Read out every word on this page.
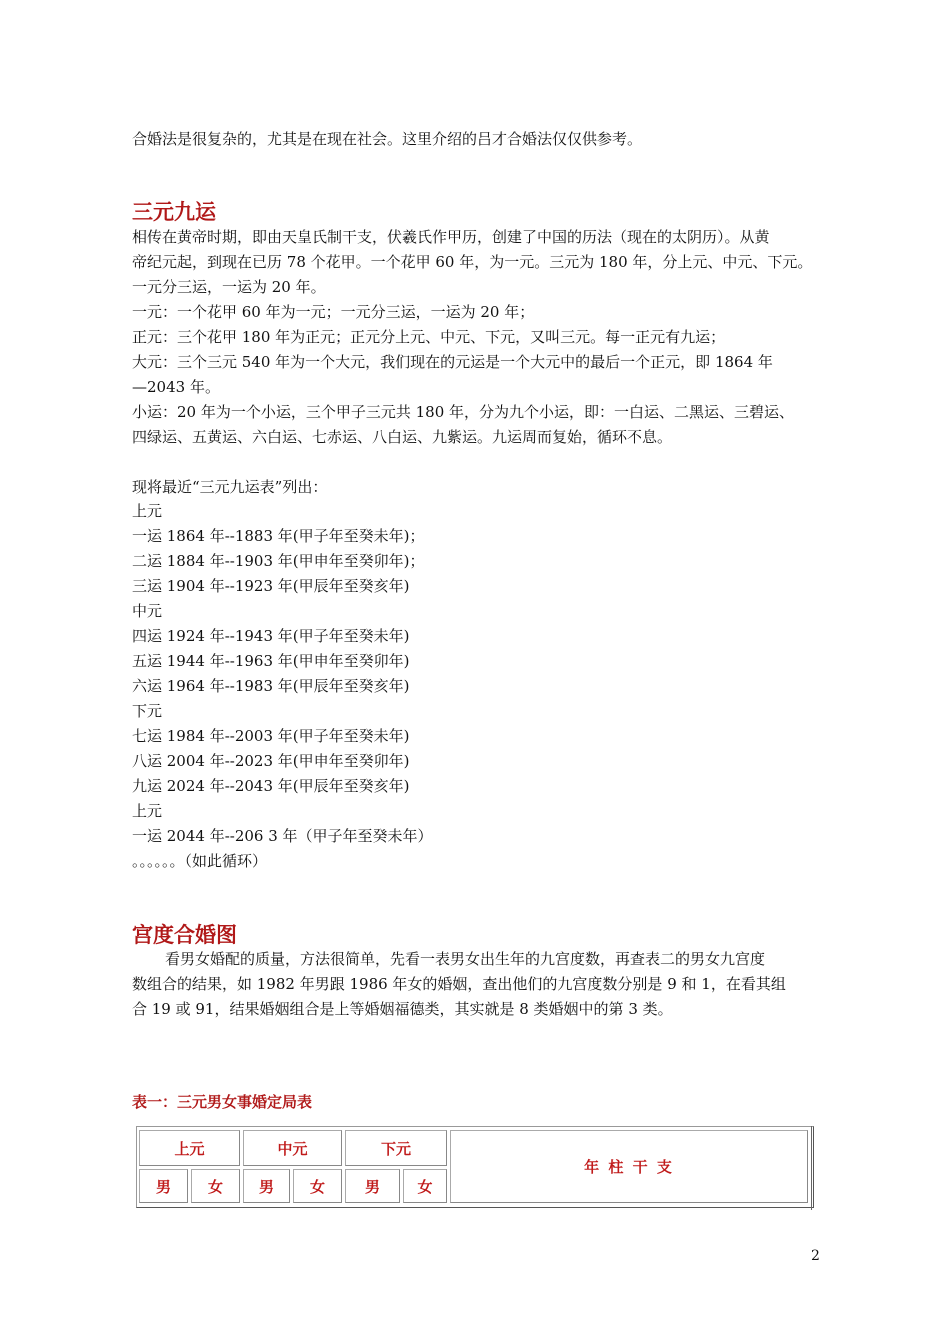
合婚法是很复杂的，尤其是在现在社会。这里介绍的吕才合婚法仅仅供参考。
三元九运
相传在黄帝时期，即由天皇氏制干支，伏羲氏作甲历，创建了中国的历法（现在的太阴历）。从黄
帝纪元起，到现在已历 78 个花甲。一个花甲 60 年，为一元。三元为 180 年，分上元、中元、下元。
一元分三运，一运为 20 年。
一元：一个花甲 60 年为一元；一元分三运，一运为 20 年；
正元：三个花甲 180 年为正元；正元分上元、中元、下元，又叫三元。每一正元有九运；
大元：三个三元 540 年为一个大元，我们现在的元运是一个大元中的最后一个正元，即 1864 年
—2043 年。
小运：20 年为一个小运，三个甲子三元共 180 年，分为九个小运，即：一白运、二黑运、三碧运、
四绿运、五黄运、六白运、七赤运、八白运、九紫运。九运周而复始，循环不息。
现将最近“三元九运表”列出：
上元
一运 1864 年--1883 年(甲子年至癸未年)；
二运 1884 年--1903 年(甲申年至癸卯年)；
三运 1904 年--1923 年(甲辰年至癸亥年)
中元
四运 1924 年--1943 年(甲子年至癸未年)
五运 1944 年--1963 年(甲申年至癸卯年)
六运 1964 年--1983 年(甲辰年至癸亥年)
下元
七运 1984 年--2003 年(甲子年至癸未年)
八运 2004 年--2023 年(甲申年至癸卯年)
九运 2024 年--2043 年(甲辰年至癸亥年)
上元
一运 2044 年--206 3 年（甲子年至癸未年）
。。。。。。（如此循环）
宫度合婚图
看男女婚配的质量，方法很简单，先看一表男女出生年的九宫度数，再查表二的男女九宫度
数组合的结果，如 1982 年男跟 1986 年女的婚姻，查出他们的九宫度数分别是 9 和 1，在看其组
合 19 或 91，结果婚姻组合是上等婚姻福德类，其实就是 8 类婚姻中的第 3 类。
表一：三元男女事婚定局表
上元	中元	下元
男	女	男	女	男	女
年 柱 干 支
2
